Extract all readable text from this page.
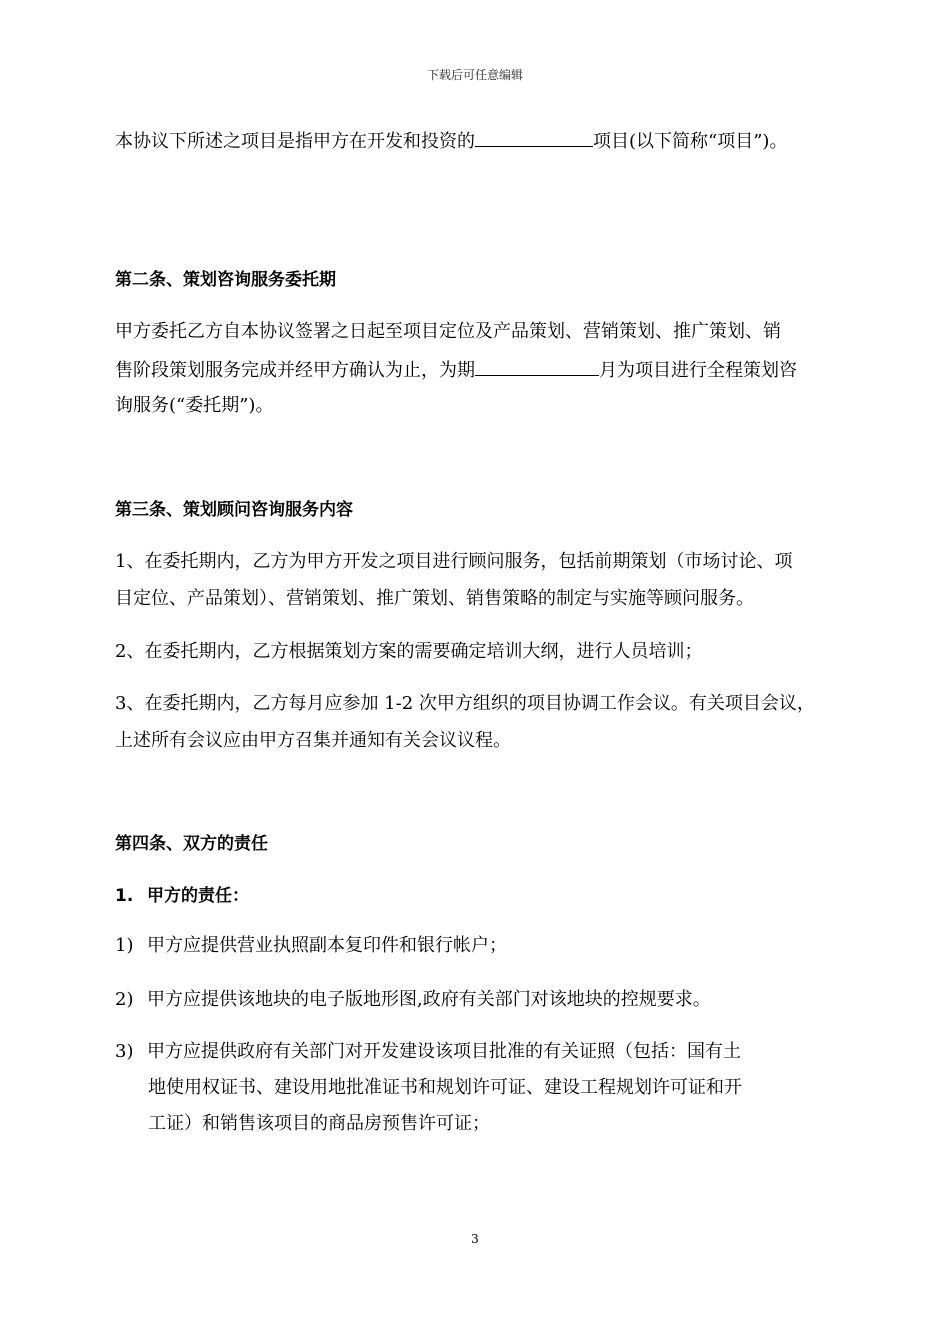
下载后可任意编辑
本协议下所述之项目是指甲方在开发和投资的	项目(以下简称“项目”)。
第二条、策划咨询服务委托期
甲方委托乙方自本协议签署之日起至项目定位及产品策划、营销策划、推广策划、销
售阶段策划服务完成并经甲方确认为止，为期	月为项目进行全程策划咨
询服务(“委托期”)。
第三条、策划顾问咨询服务内容
1、在委托期内，乙方为甲方开发之项目进行顾问服务，包括前期策划（市场讨论、项
目定位、产品策划）、营销策划、推广策划、销售策略的制定与实施等顾问服务。
2、在委托期内，乙方根据策划方案的需要确定培训大纲，进行人员培训；
3、在委托期内，乙方每月应参加 1-2 次甲方组织的项目协调工作会议。有关项目会议，
上述所有会议应由甲方召集并通知有关会议议程。
第四条、双方的责任
1. 甲方的责任：
1) 甲方应提供营业执照副本复印件和银行帐户；
2) 甲方应提供该地块的电子版地形图,政府有关部门对该地块的控规要求。
3) 甲方应提供政府有关部门对开发建设该项目批准的有关证照（包括：国有土
地使用权证书、建设用地批准证书和规划许可证、建设工程规划许可证和开
工证）和销售该项目的商品房预售许可证；
3
